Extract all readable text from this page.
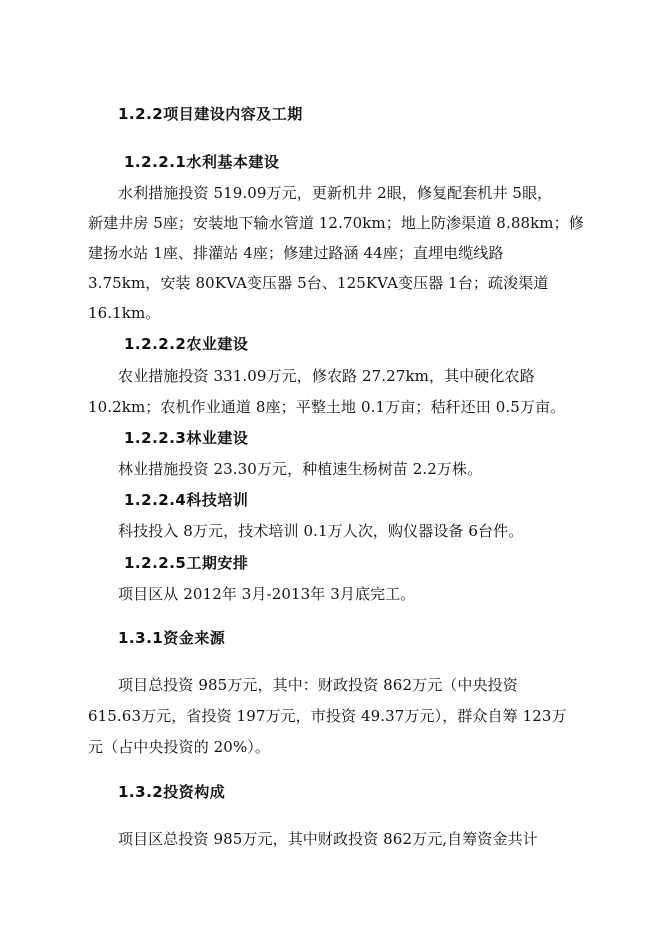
1.2.2项目建设内容及工期
1.2.2.1水利基本建设
水利措施投资 519.09万元，更新机井 2眼，修复配套机井 5眼，
新建井房 5座；安装地下输水管道 12.70km；地上防渗渠道 8.88km；修
建扬水站 1座、排灌站 4座；修建过路涵 44座；直埋电缆线路
3.75km，安装 80KVA变压器 5台、125KVA变压器 1台；疏浚渠道
16.1km。
1.2.2.2农业建设
农业措施投资 331.09万元，修农路 27.27km，其中硬化农路
10.2km；农机作业通道 8座；平整土地 0.1万亩；秸秆还田 0.5万亩。
1.2.2.3林业建设
林业措施投资 23.30万元，种植速生杨树苗 2.2万株。
1.2.2.4科技培训
科技投入 8万元，技术培训 0.1万人次，购仪器设备 6台件。
1.2.2.5工期安排
项目区从 2012年 3月-2013年 3月底完工。
1.3.1资金来源
项目总投资 985万元，其中：财政投资 862万元（中央投资
615.63万元，省投资 197万元，市投资 49.37万元），群众自筹 123万
元（占中央投资的 20%）。
1.3.2投资构成
项目区总投资 985万元，其中财政投资 862万元,自筹资金共计
